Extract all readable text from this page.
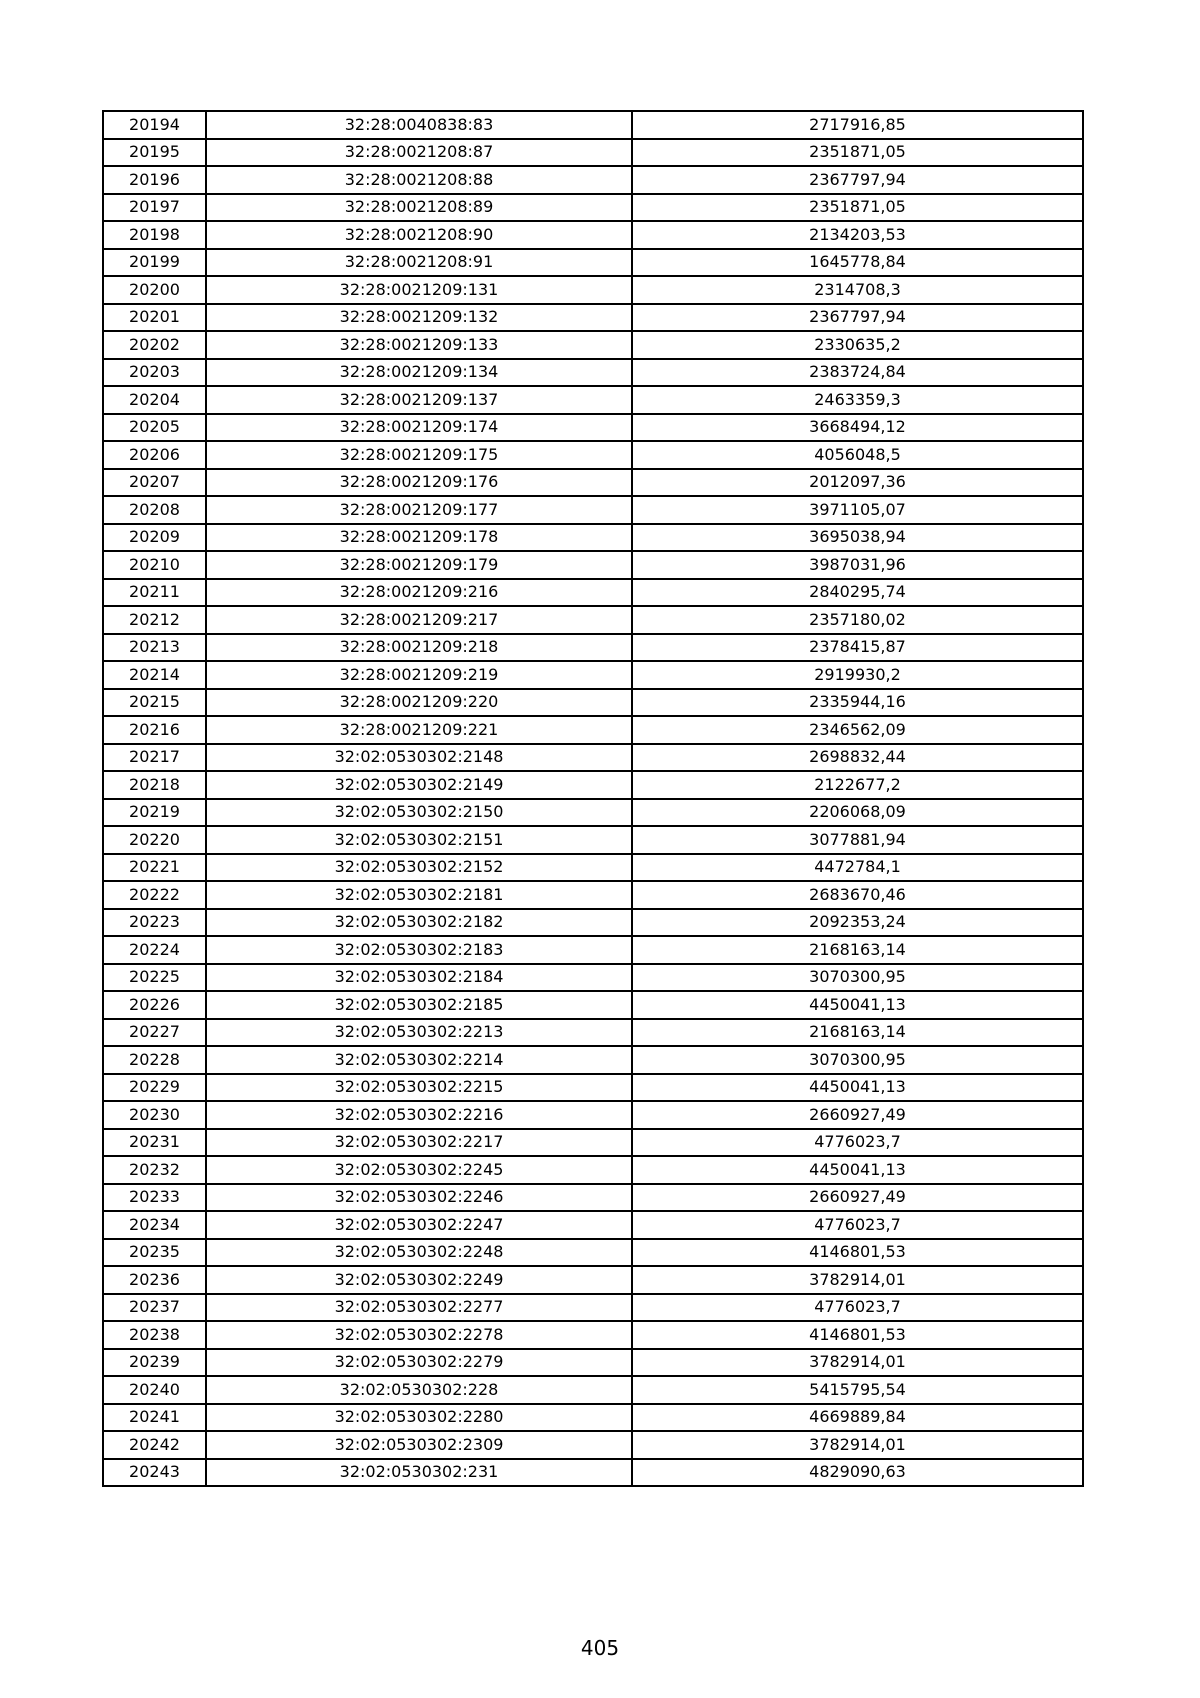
20194	32:28:0040838:83	2717916,85
20195	32:28:0021208:87	2351871,05
20196	32:28:0021208:88	2367797,94
20197	32:28:0021208:89	2351871,05
20198	32:28:0021208:90	2134203,53
20199	32:28:0021208:91	1645778,84
20200	32:28:0021209:131	2314708,3
20201	32:28:0021209:132	2367797,94
20202	32:28:0021209:133	2330635,2
20203	32:28:0021209:134	2383724,84
20204	32:28:0021209:137	2463359,3
20205	32:28:0021209:174	3668494,12
20206	32:28:0021209:175	4056048,5
20207	32:28:0021209:176	2012097,36
20208	32:28:0021209:177	3971105,07
20209	32:28:0021209:178	3695038,94
20210	32:28:0021209:179	3987031,96
20211	32:28:0021209:216	2840295,74
20212	32:28:0021209:217	2357180,02
20213	32:28:0021209:218	2378415,87
20214	32:28:0021209:219	2919930,2
20215	32:28:0021209:220	2335944,16
20216	32:28:0021209:221	2346562,09
20217	32:02:0530302:2148	2698832,44
20218	32:02:0530302:2149	2122677,2
20219	32:02:0530302:2150	2206068,09
20220	32:02:0530302:2151	3077881,94
20221	32:02:0530302:2152	4472784,1
20222	32:02:0530302:2181	2683670,46
20223	32:02:0530302:2182	2092353,24
20224	32:02:0530302:2183	2168163,14
20225	32:02:0530302:2184	3070300,95
20226	32:02:0530302:2185	4450041,13
20227	32:02:0530302:2213	2168163,14
20228	32:02:0530302:2214	3070300,95
20229	32:02:0530302:2215	4450041,13
20230	32:02:0530302:2216	2660927,49
20231	32:02:0530302:2217	4776023,7
20232	32:02:0530302:2245	4450041,13
20233	32:02:0530302:2246	2660927,49
20234	32:02:0530302:2247	4776023,7
20235	32:02:0530302:2248	4146801,53
20236	32:02:0530302:2249	3782914,01
20237	32:02:0530302:2277	4776023,7
20238	32:02:0530302:2278	4146801,53
20239	32:02:0530302:2279	3782914,01
20240	32:02:0530302:228	5415795,54
20241	32:02:0530302:2280	4669889,84
20242	32:02:0530302:2309	3782914,01
20243	32:02:0530302:231	4829090,63
405
